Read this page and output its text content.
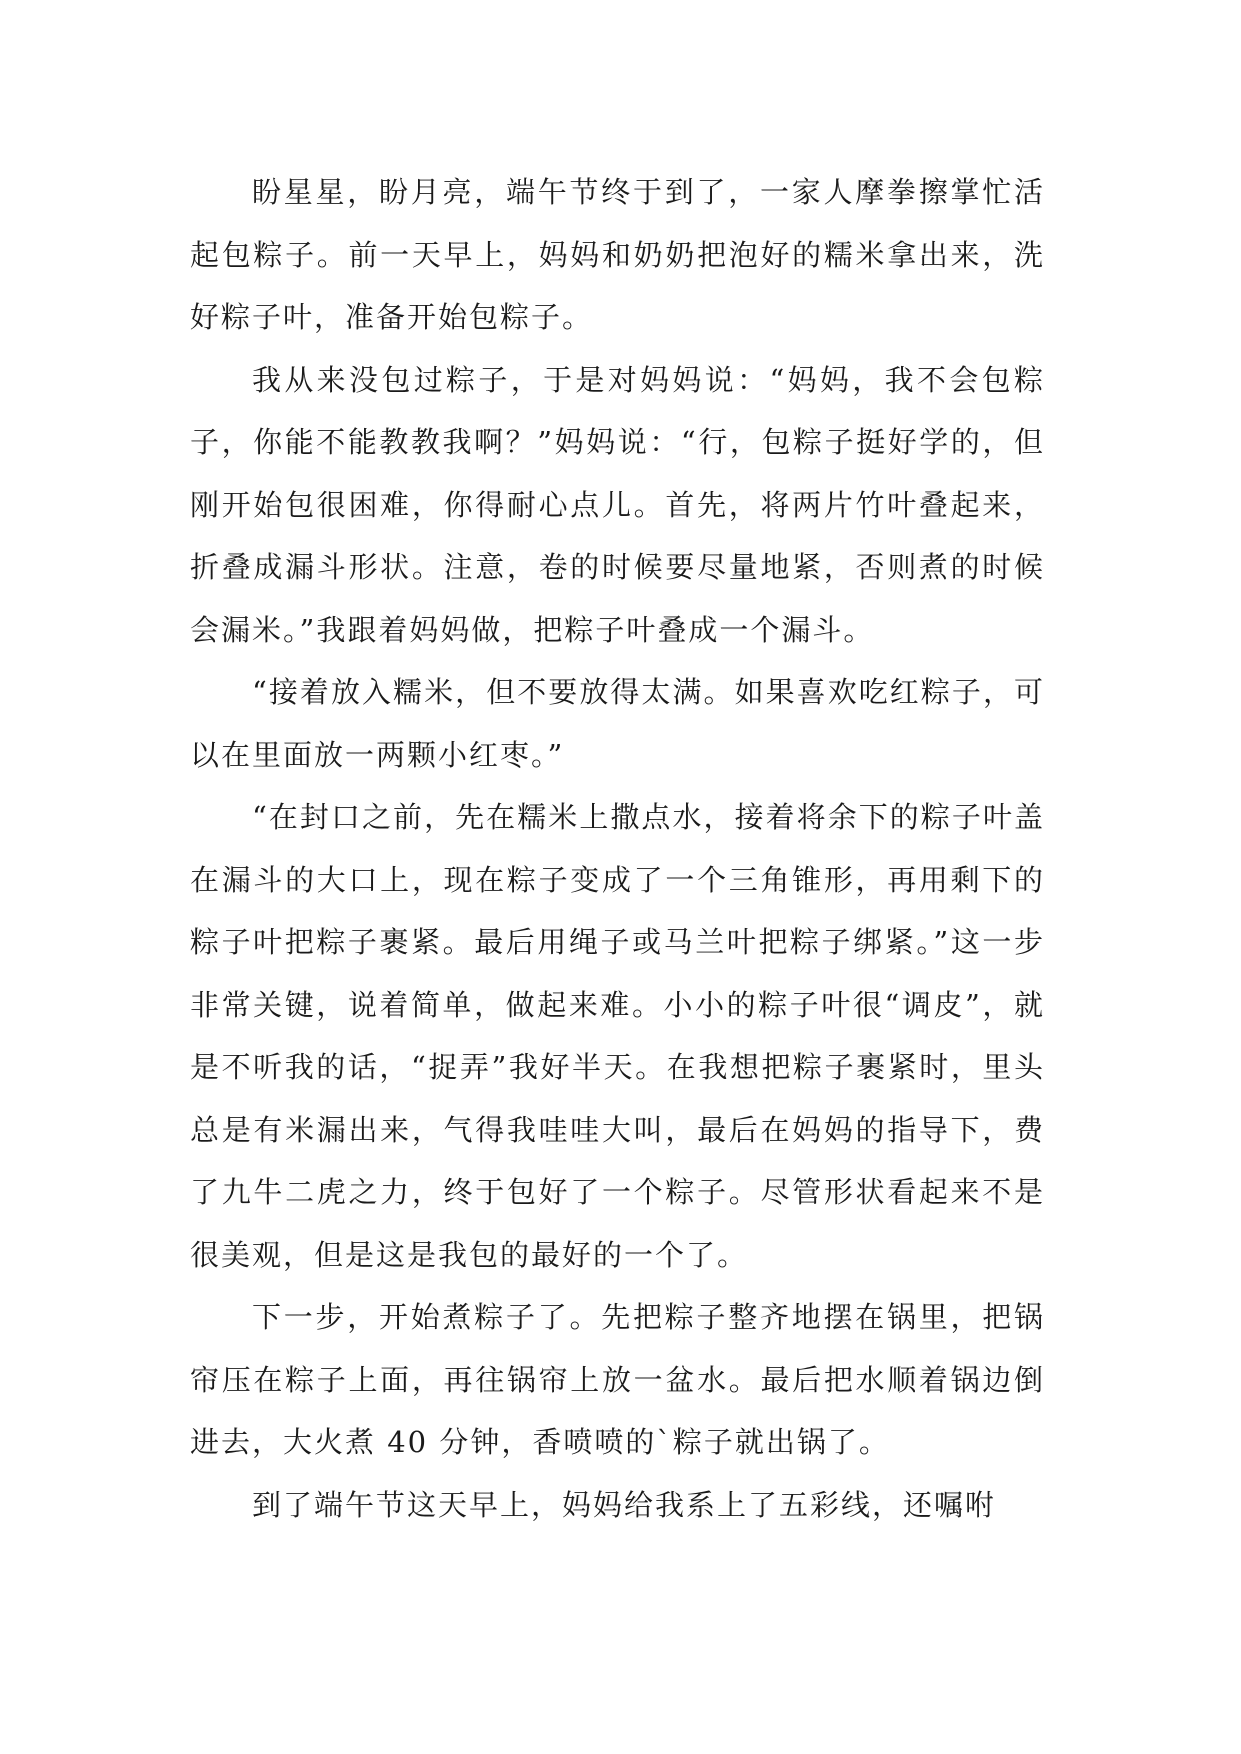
盼星星，盼月亮，端午节终于到了，一家人摩拳擦掌忙活起包粽子。前一天早上，妈妈和奶奶把泡好的糯米拿出来，洗好粽子叶，准备开始包粽子。

我从来没包过粽子，于是对妈妈说：“妈妈，我不会包粽子，你能不能教教我啊？”妈妈说：“行，包粽子挺好学的，但刚开始包很困难，你得耐心点儿。首先，将两片竹叶叠起来，折叠成漏斗形状。注意，卷的时候要尽量地紧，否则煮的时候会漏米。”我跟着妈妈做，把粽子叶叠成一个漏斗。

“接着放入糯米，但不要放得太满。如果喜欢吃红粽子，可以在里面放一两颗小红枣。”

“在封口之前，先在糯米上撒点水，接着将余下的粽子叶盖在漏斗的大口上，现在粽子变成了一个三角锥形，再用剩下的粽子叶把粽子裹紧。最后用绳子或马兰叶把粽子绑紧。”这一步非常关键，说着简单，做起来难。小小的粽子叶很“调皮”，就是不听我的话，“捉弄”我好半天。在我想把粽子裹紧时，里头总是有米漏出来，气得我哇哇大叫，最后在妈妈的指导下，费了九牛二虎之力，终于包好了一个粽子。尽管形状看起来不是很美观，但是这是我包的最好的一个了。

下一步，开始煮粽子了。先把粽子整齐地摆在锅里，把锅帘压在粽子上面，再往锅帘上放一盆水。最后把水顺着锅边倒进去，大火煮 40 分钟，香喷喷的`粽子就出锅了。

到了端午节这天早上，妈妈给我系上了五彩线，还嘱咐
